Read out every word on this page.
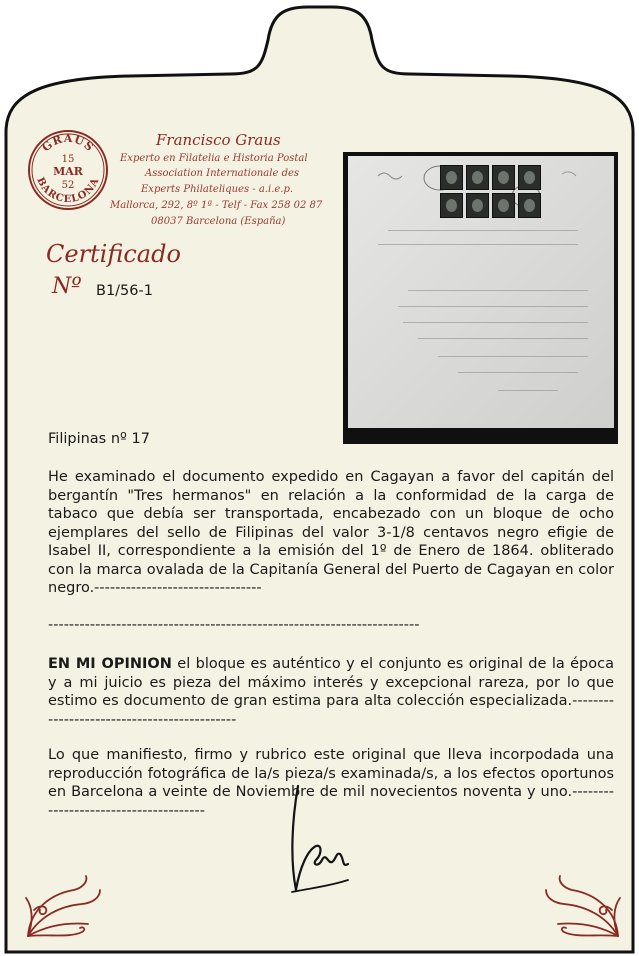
GRAUS
BARCELONA
15
MAR
52
Francisco Graus
Experto en Filatelia e Historia Postal
Association Internationale des
Experts Philateliques - a.i.e.p.
Mallorca, 292, 8º 1ª - Telf - Fax 258 02 87
08037 Barcelona (España)
Certificado
Nº B1/56-1
Filipinas nº 17
He examinado el documento expedido en Cagayan a favor del capitán del bergantín "Tres hermanos" en relación a la conformidad de la carga de tabaco que debía ser transportada, encabezado con un bloque de ocho ejemplares del sello de Filipinas del valor 3-1/8 centavos negro efigie de Isabel II, correspondiente a la emisión del 1º de Enero de 1864. obliterado con la marca ovalada de la Capitanía General del Puerto de Cagayan en color negro.--------------------------------
-----------------------------------------------------------------------
EN MI OPINION el bloque es auténtico y el conjunto es original de la época y a mi juicio es pieza del máximo interés y excepcional rareza, por lo que estimo es documento de gran estima para alta colección especializada.--------------------------------------------
Lo que manifiesto, firmo y rubrico este original que lleva incorpodada una reproducción fotográfica de la/s pieza/s examinada/s, a los efectos oportunos en Barcelona a veinte de Noviembre de mil novecientos noventa y uno.--------------------------------------
